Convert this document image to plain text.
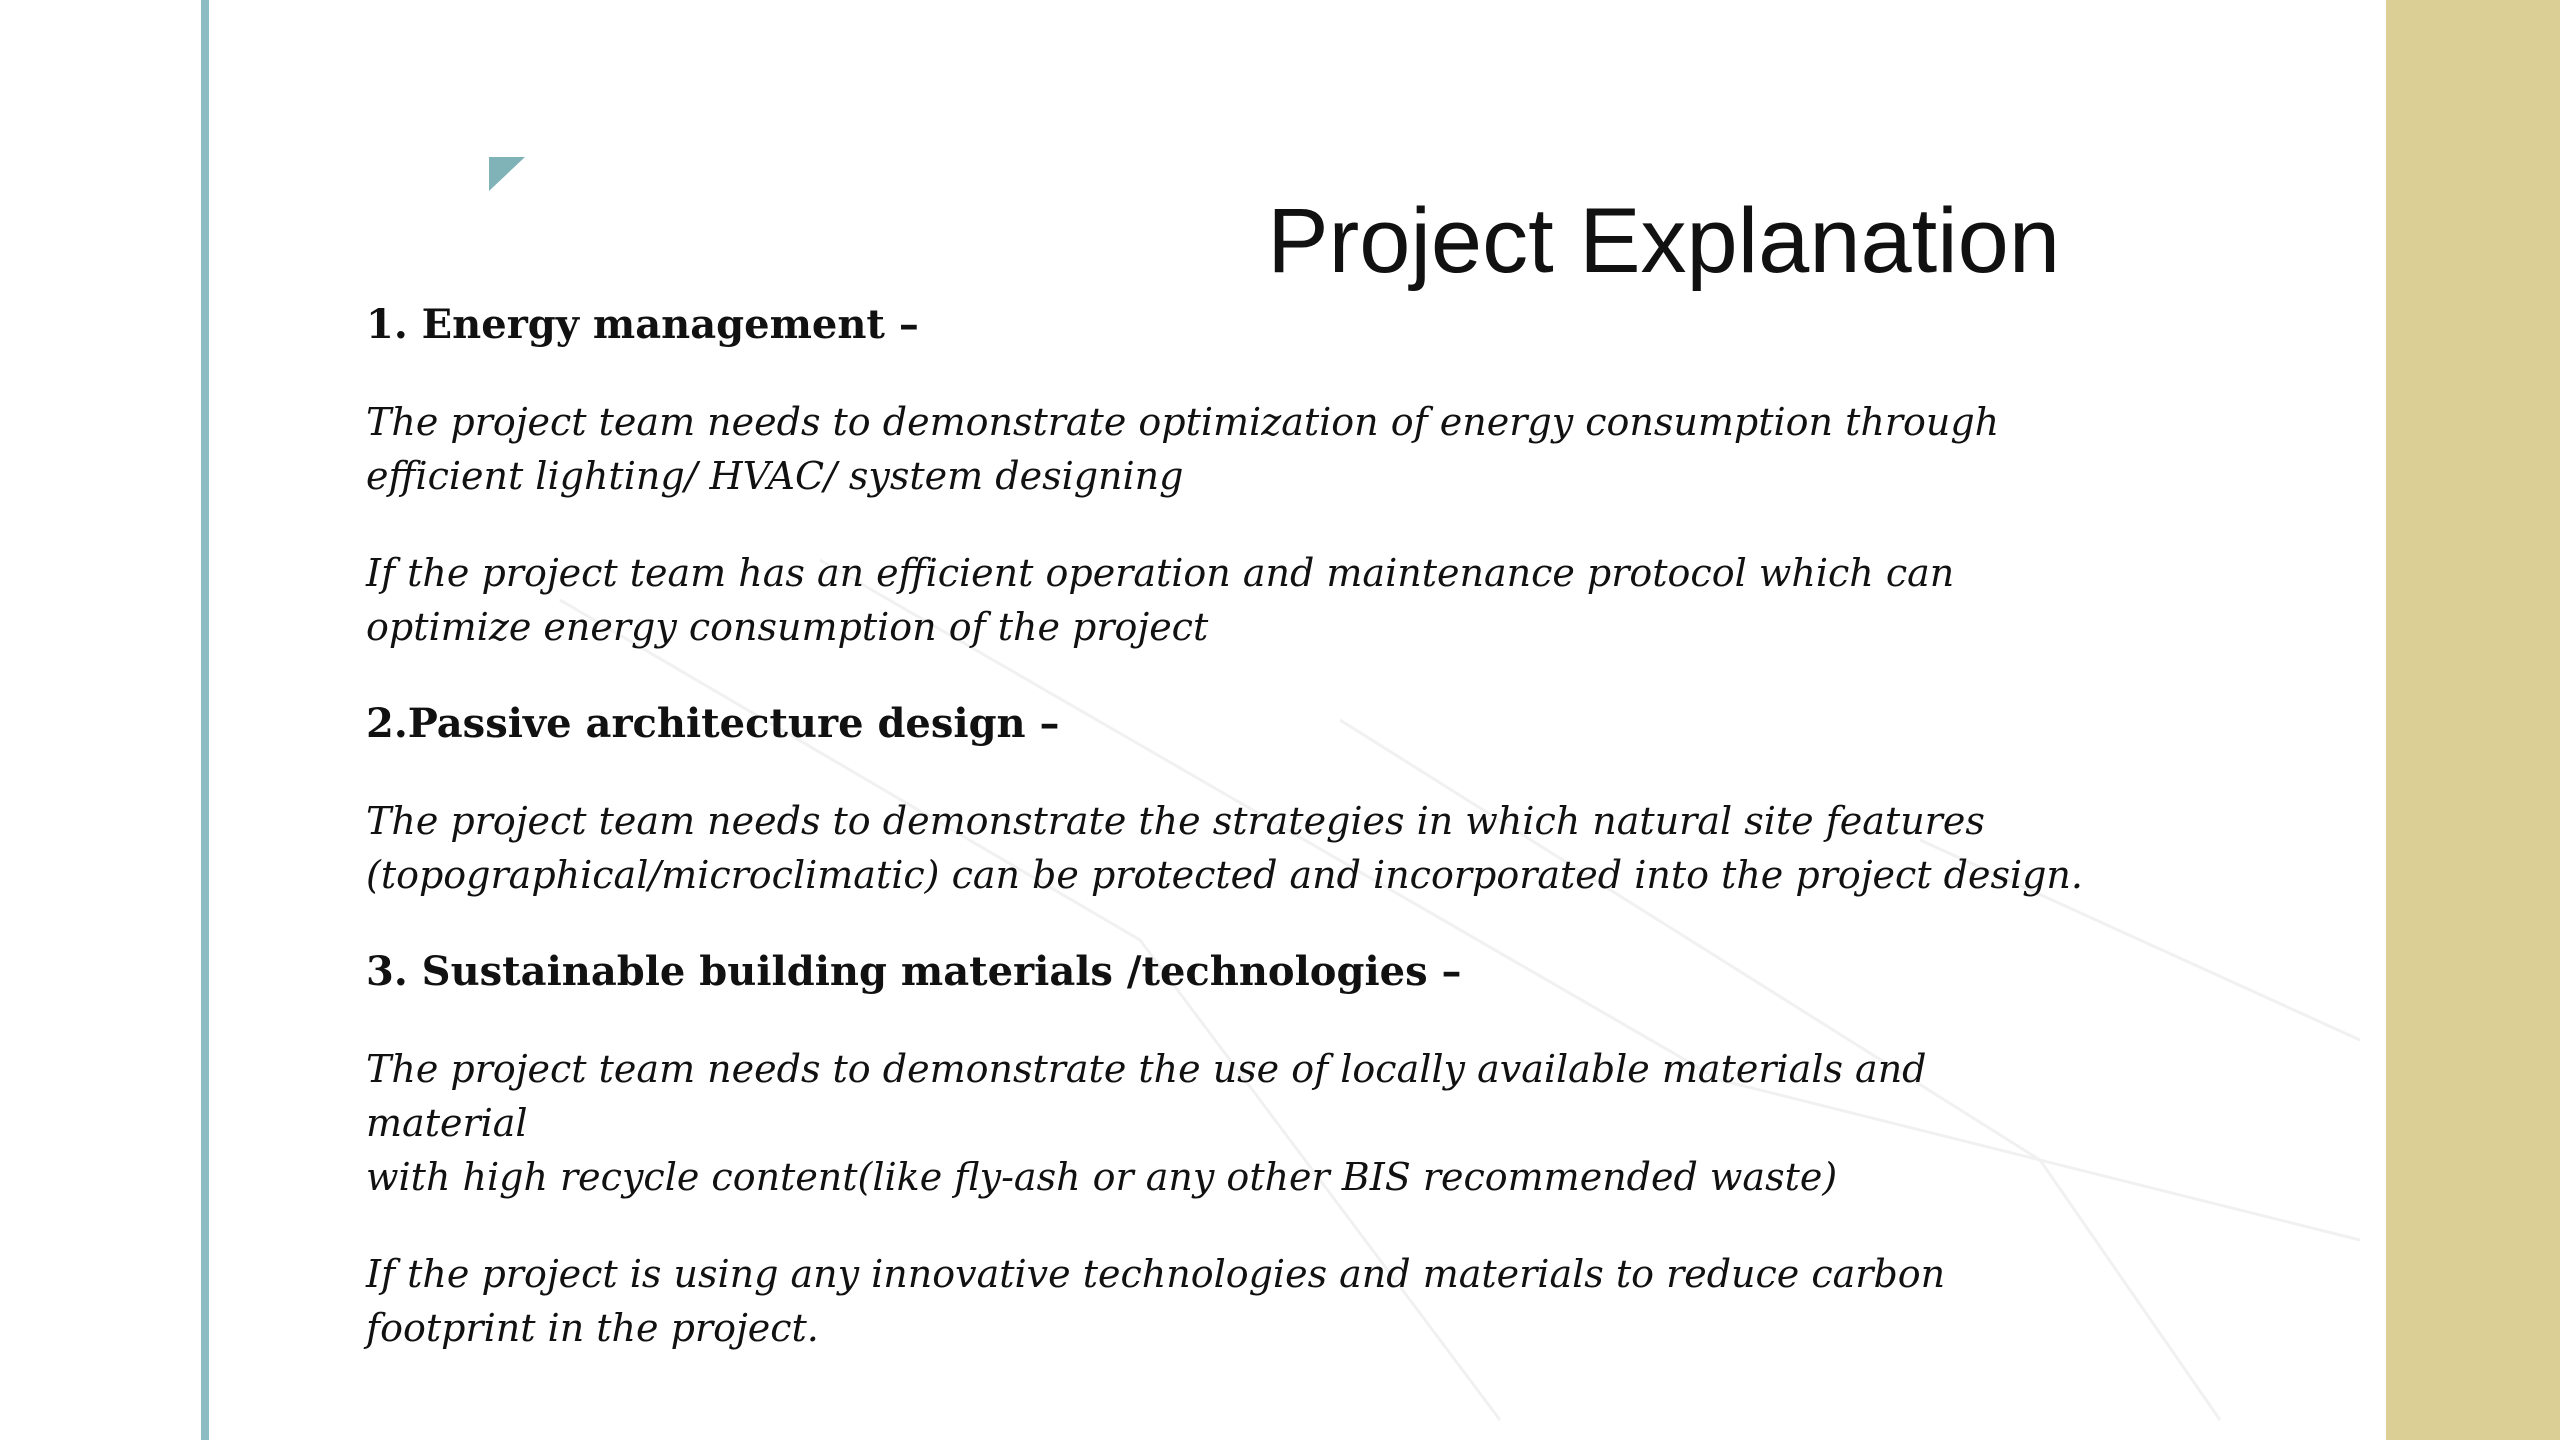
Project Explanation
1. Energy management –
The project team needs to demonstrate optimization of energy consumption through
efficient lighting/ HVAC/ system designing
If the project team has an efficient operation and maintenance protocol which can
optimize energy consumption of the project
2.Passive architecture design –
The project team needs to demonstrate the strategies in which natural site features
(topographical/microclimatic) can be protected and incorporated into the project design.
3. Sustainable building materials /technologies –
The project team needs to demonstrate the use of locally available materials and material
with high recycle content(like fly-ash or any other BIS recommended waste)
If the project is using any innovative technologies and materials to reduce carbon
footprint in the project.
